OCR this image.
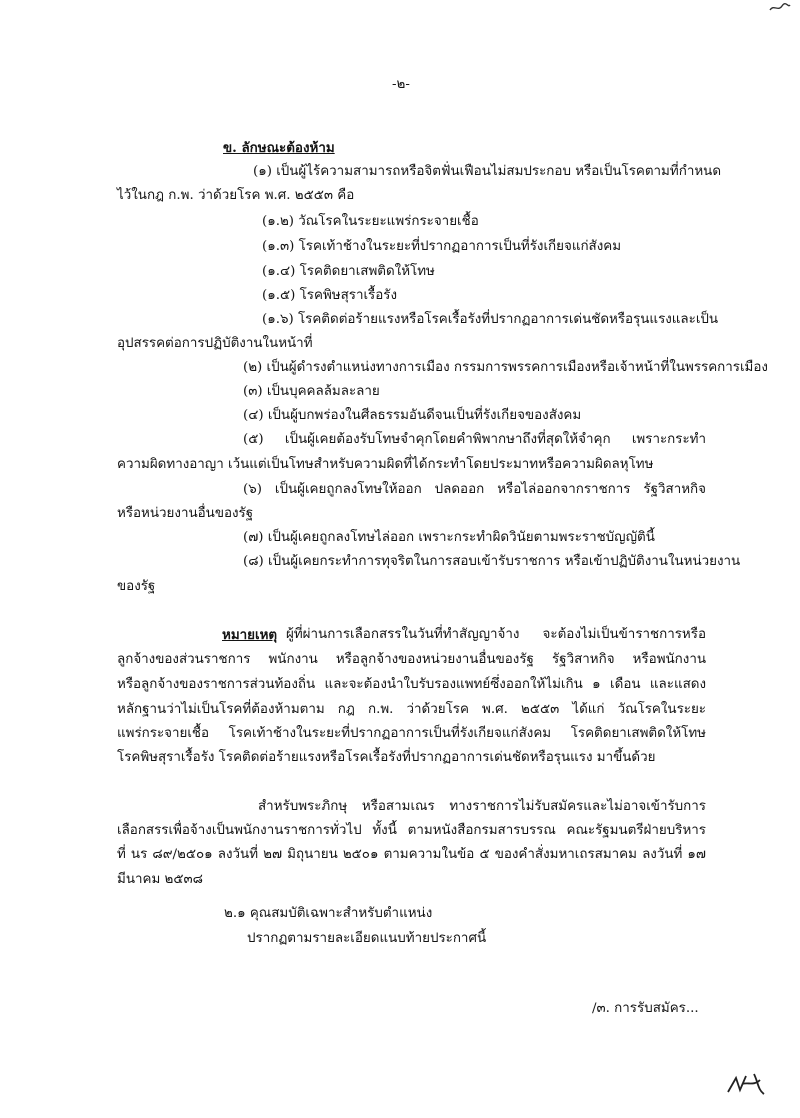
-๒-
ข. ลักษณะต้องห้าม
(๑) เป็นผู้ไร้ความสามารถหรือจิตฟั่นเฟือนไม่สมประกอบ หรือเป็นโรคตามที่กำหนด
ไว้ในกฎ ก.พ. ว่าด้วยโรค พ.ศ. ๒๕๕๓ คือ
(๑.๒) วัณโรคในระยะแพร่กระจายเชื้อ
(๑.๓) โรคเท้าช้างในระยะที่ปรากฏอาการเป็นที่รังเกียจแก่สังคม
(๑.๔) โรคติดยาเสพติดให้โทษ
(๑.๕) โรคพิษสุราเรื้อรัง
(๑.๖) โรคติดต่อร้ายแรงหรือโรคเรื้อรังที่ปรากฏอาการเด่นชัดหรือรุนแรงและเป็น
อุปสรรคต่อการปฏิบัติงานในหน้าที่
(๒) เป็นผู้ดำรงตำแหน่งทางการเมือง กรรมการพรรคการเมืองหรือเจ้าหน้าที่ในพรรคการเมือง
(๓) เป็นบุคคลล้มละลาย
(๔) เป็นผู้บกพร่องในศีลธรรมอันดีจนเป็นที่รังเกียจของสังคม
(๕) เป็นผู้เคยต้องรับโทษจำคุกโดยคำพิพากษาถึงที่สุดให้จำคุก เพราะกระทำ
ความผิดทางอาญา เว้นแต่เป็นโทษสำหรับความผิดที่ได้กระทำโดยประมาทหรือความผิดลหุโทษ
(๖) เป็นผู้เคยถูกลงโทษให้ออก ปลดออก หรือไล่ออกจากราชการ รัฐวิสาหกิจ
หรือหน่วยงานอื่นของรัฐ
(๗) เป็นผู้เคยถูกลงโทษไล่ออก เพราะกระทำผิดวินัยตามพระราชบัญญัตินี้
(๘) เป็นผู้เคยกระทำการทุจริตในการสอบเข้ารับราชการ หรือเข้าปฏิบัติงานในหน่วยงาน
ของรัฐ
หมายเหตุ ผู้ที่ผ่านการเลือกสรรในวันที่ทำสัญญาจ้าง จะต้องไม่เป็นข้าราชการหรือ
ลูกจ้างของส่วนราชการ พนักงาน หรือลูกจ้างของหน่วยงานอื่นของรัฐ รัฐวิสาหกิจ หรือพนักงาน
หรือลูกจ้างของราชการส่วนท้องถิ่น และจะต้องนำใบรับรองแพทย์ซึ่งออกให้ไม่เกิน ๑ เดือน และแสดง
หลักฐานว่าไม่เป็นโรคที่ต้องห้ามตาม กฎ ก.พ. ว่าด้วยโรค พ.ศ. ๒๕๕๓ ได้แก่ วัณโรคในระยะ
แพร่กระจายเชื้อ โรคเท้าช้างในระยะที่ปรากฏอาการเป็นที่รังเกียจแก่สังคม โรคติดยาเสพติดให้โทษ
โรคพิษสุราเรื้อรัง โรคติดต่อร้ายแรงหรือโรคเรื้อรังที่ปรากฏอาการเด่นชัดหรือรุนแรง มาขึ้นด้วย
สำหรับพระภิกษุ หรือสามเณร ทางราชการไม่รับสมัครและไม่อาจเข้ารับการ
เลือกสรรเพื่อจ้างเป็นพนักงานราชการทั่วไป ทั้งนี้ ตามหนังสือกรมสารบรรณ คณะรัฐมนตรีฝ่ายบริหาร
ที่ นร ๘๙/๒๕๐๑ ลงวันที่ ๒๗ มิถุนายน ๒๕๐๑ ตามความในข้อ ๕ ของคำสั่งมหาเถรสมาคม ลงวันที่ ๑๗
มีนาคม ๒๕๓๘
๒.๑ คุณสมบัติเฉพาะสำหรับตำแหน่ง
ปรากฏตามรายละเอียดแนบท้ายประกาศนี้
/๓. การรับสมัคร...
